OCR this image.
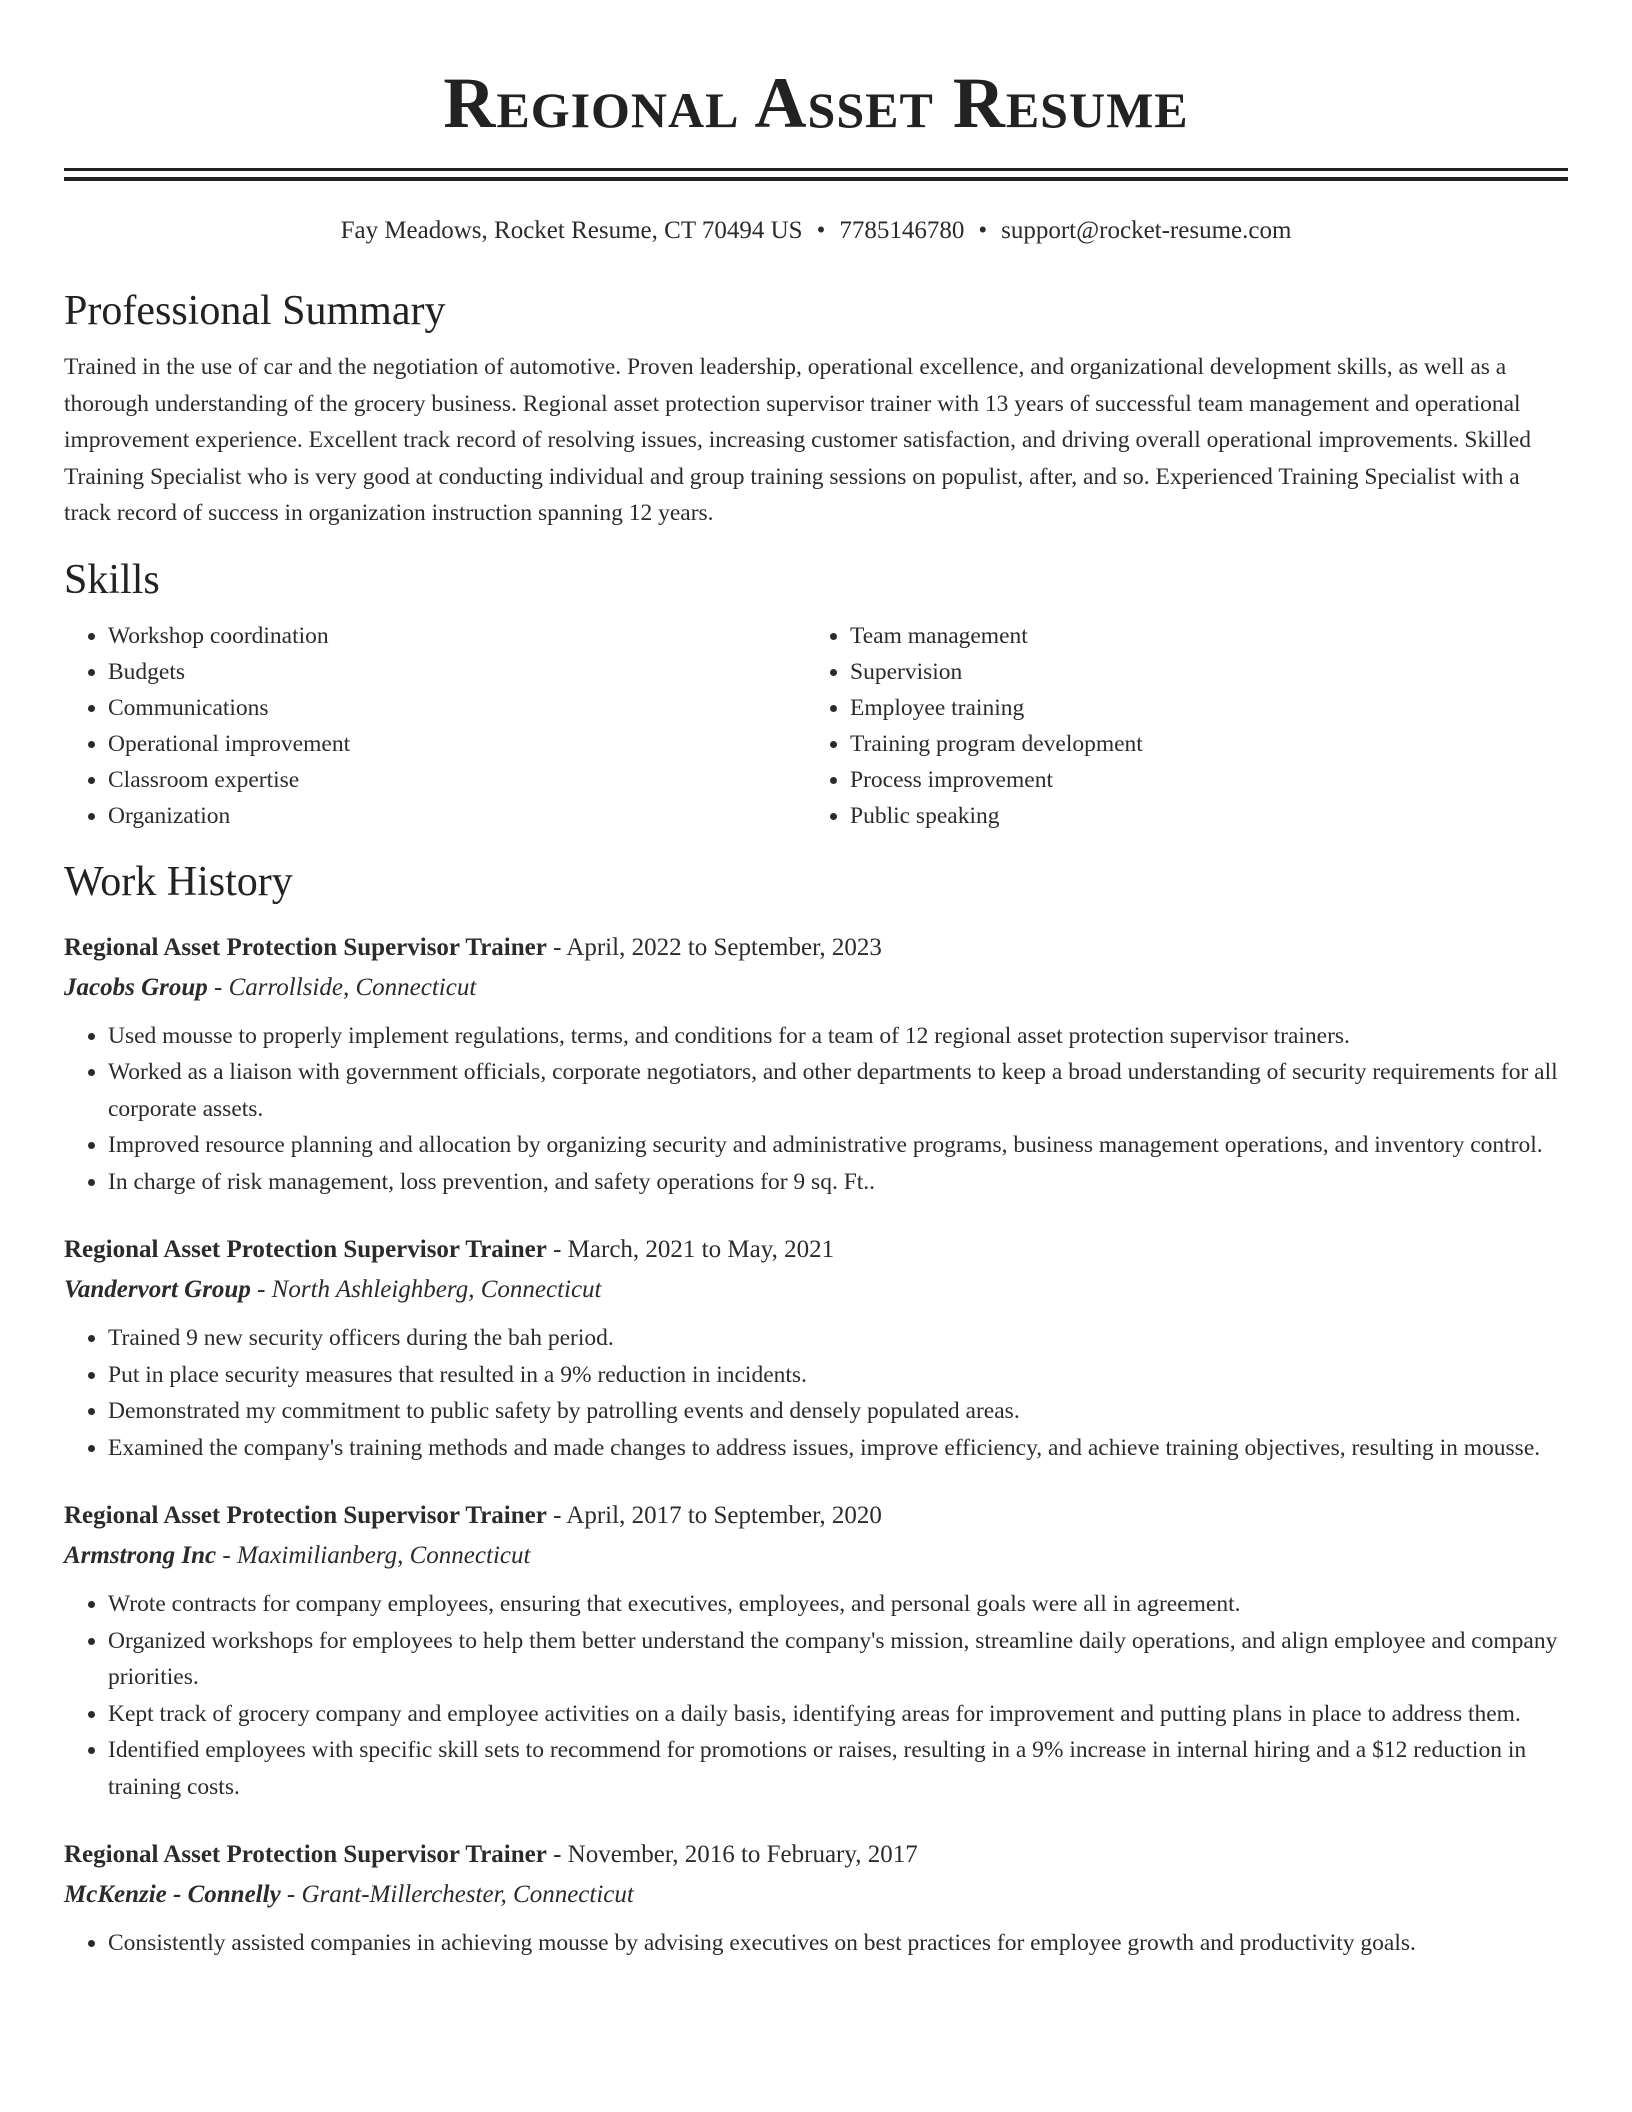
Regional Asset Resume
Fay Meadows, Rocket Resume, CT 70494 US • 7785146780 • support@rocket-resume.com
Professional Summary
Trained in the use of car and the negotiation of automotive. Proven leadership, operational excellence, and organizational development skills, as well as a thorough understanding of the grocery business. Regional asset protection supervisor trainer with 13 years of successful team management and operational improvement experience. Excellent track record of resolving issues, increasing customer satisfaction, and driving overall operational improvements. Skilled Training Specialist who is very good at conducting individual and group training sessions on populist, after, and so. Experienced Training Specialist with a track record of success in organization instruction spanning 12 years.
Skills
• Workshop coordination
• Budgets
• Communications
• Operational improvement
• Classroom expertise
• Organization
• Team management
• Supervision
• Employee training
• Training program development
• Process improvement
• Public speaking
Work History
Regional Asset Protection Supervisor Trainer - April, 2022 to September, 2023
Jacobs Group - Carrollside, Connecticut
• Used mousse to properly implement regulations, terms, and conditions for a team of 12 regional asset protection supervisor trainers.
• Worked as a liaison with government officials, corporate negotiators, and other departments to keep a broad understanding of security requirements for all corporate assets.
• Improved resource planning and allocation by organizing security and administrative programs, business management operations, and inventory control.
• In charge of risk management, loss prevention, and safety operations for 9 sq. Ft..
Regional Asset Protection Supervisor Trainer - March, 2021 to May, 2021
Vandervort Group - North Ashleighberg, Connecticut
• Trained 9 new security officers during the bah period.
• Put in place security measures that resulted in a 9% reduction in incidents.
• Demonstrated my commitment to public safety by patrolling events and densely populated areas.
• Examined the company's training methods and made changes to address issues, improve efficiency, and achieve training objectives, resulting in mousse.
Regional Asset Protection Supervisor Trainer - April, 2017 to September, 2020
Armstrong Inc - Maximilianberg, Connecticut
• Wrote contracts for company employees, ensuring that executives, employees, and personal goals were all in agreement.
• Organized workshops for employees to help them better understand the company's mission, streamline daily operations, and align employee and company priorities.
• Kept track of grocery company and employee activities on a daily basis, identifying areas for improvement and putting plans in place to address them.
• Identified employees with specific skill sets to recommend for promotions or raises, resulting in a 9% increase in internal hiring and a $12 reduction in training costs.
Regional Asset Protection Supervisor Trainer - November, 2016 to February, 2017
McKenzie - Connelly - Grant-Millerchester, Connecticut
• Consistently assisted companies in achieving mousse by advising executives on best practices for employee growth and productivity goals.
